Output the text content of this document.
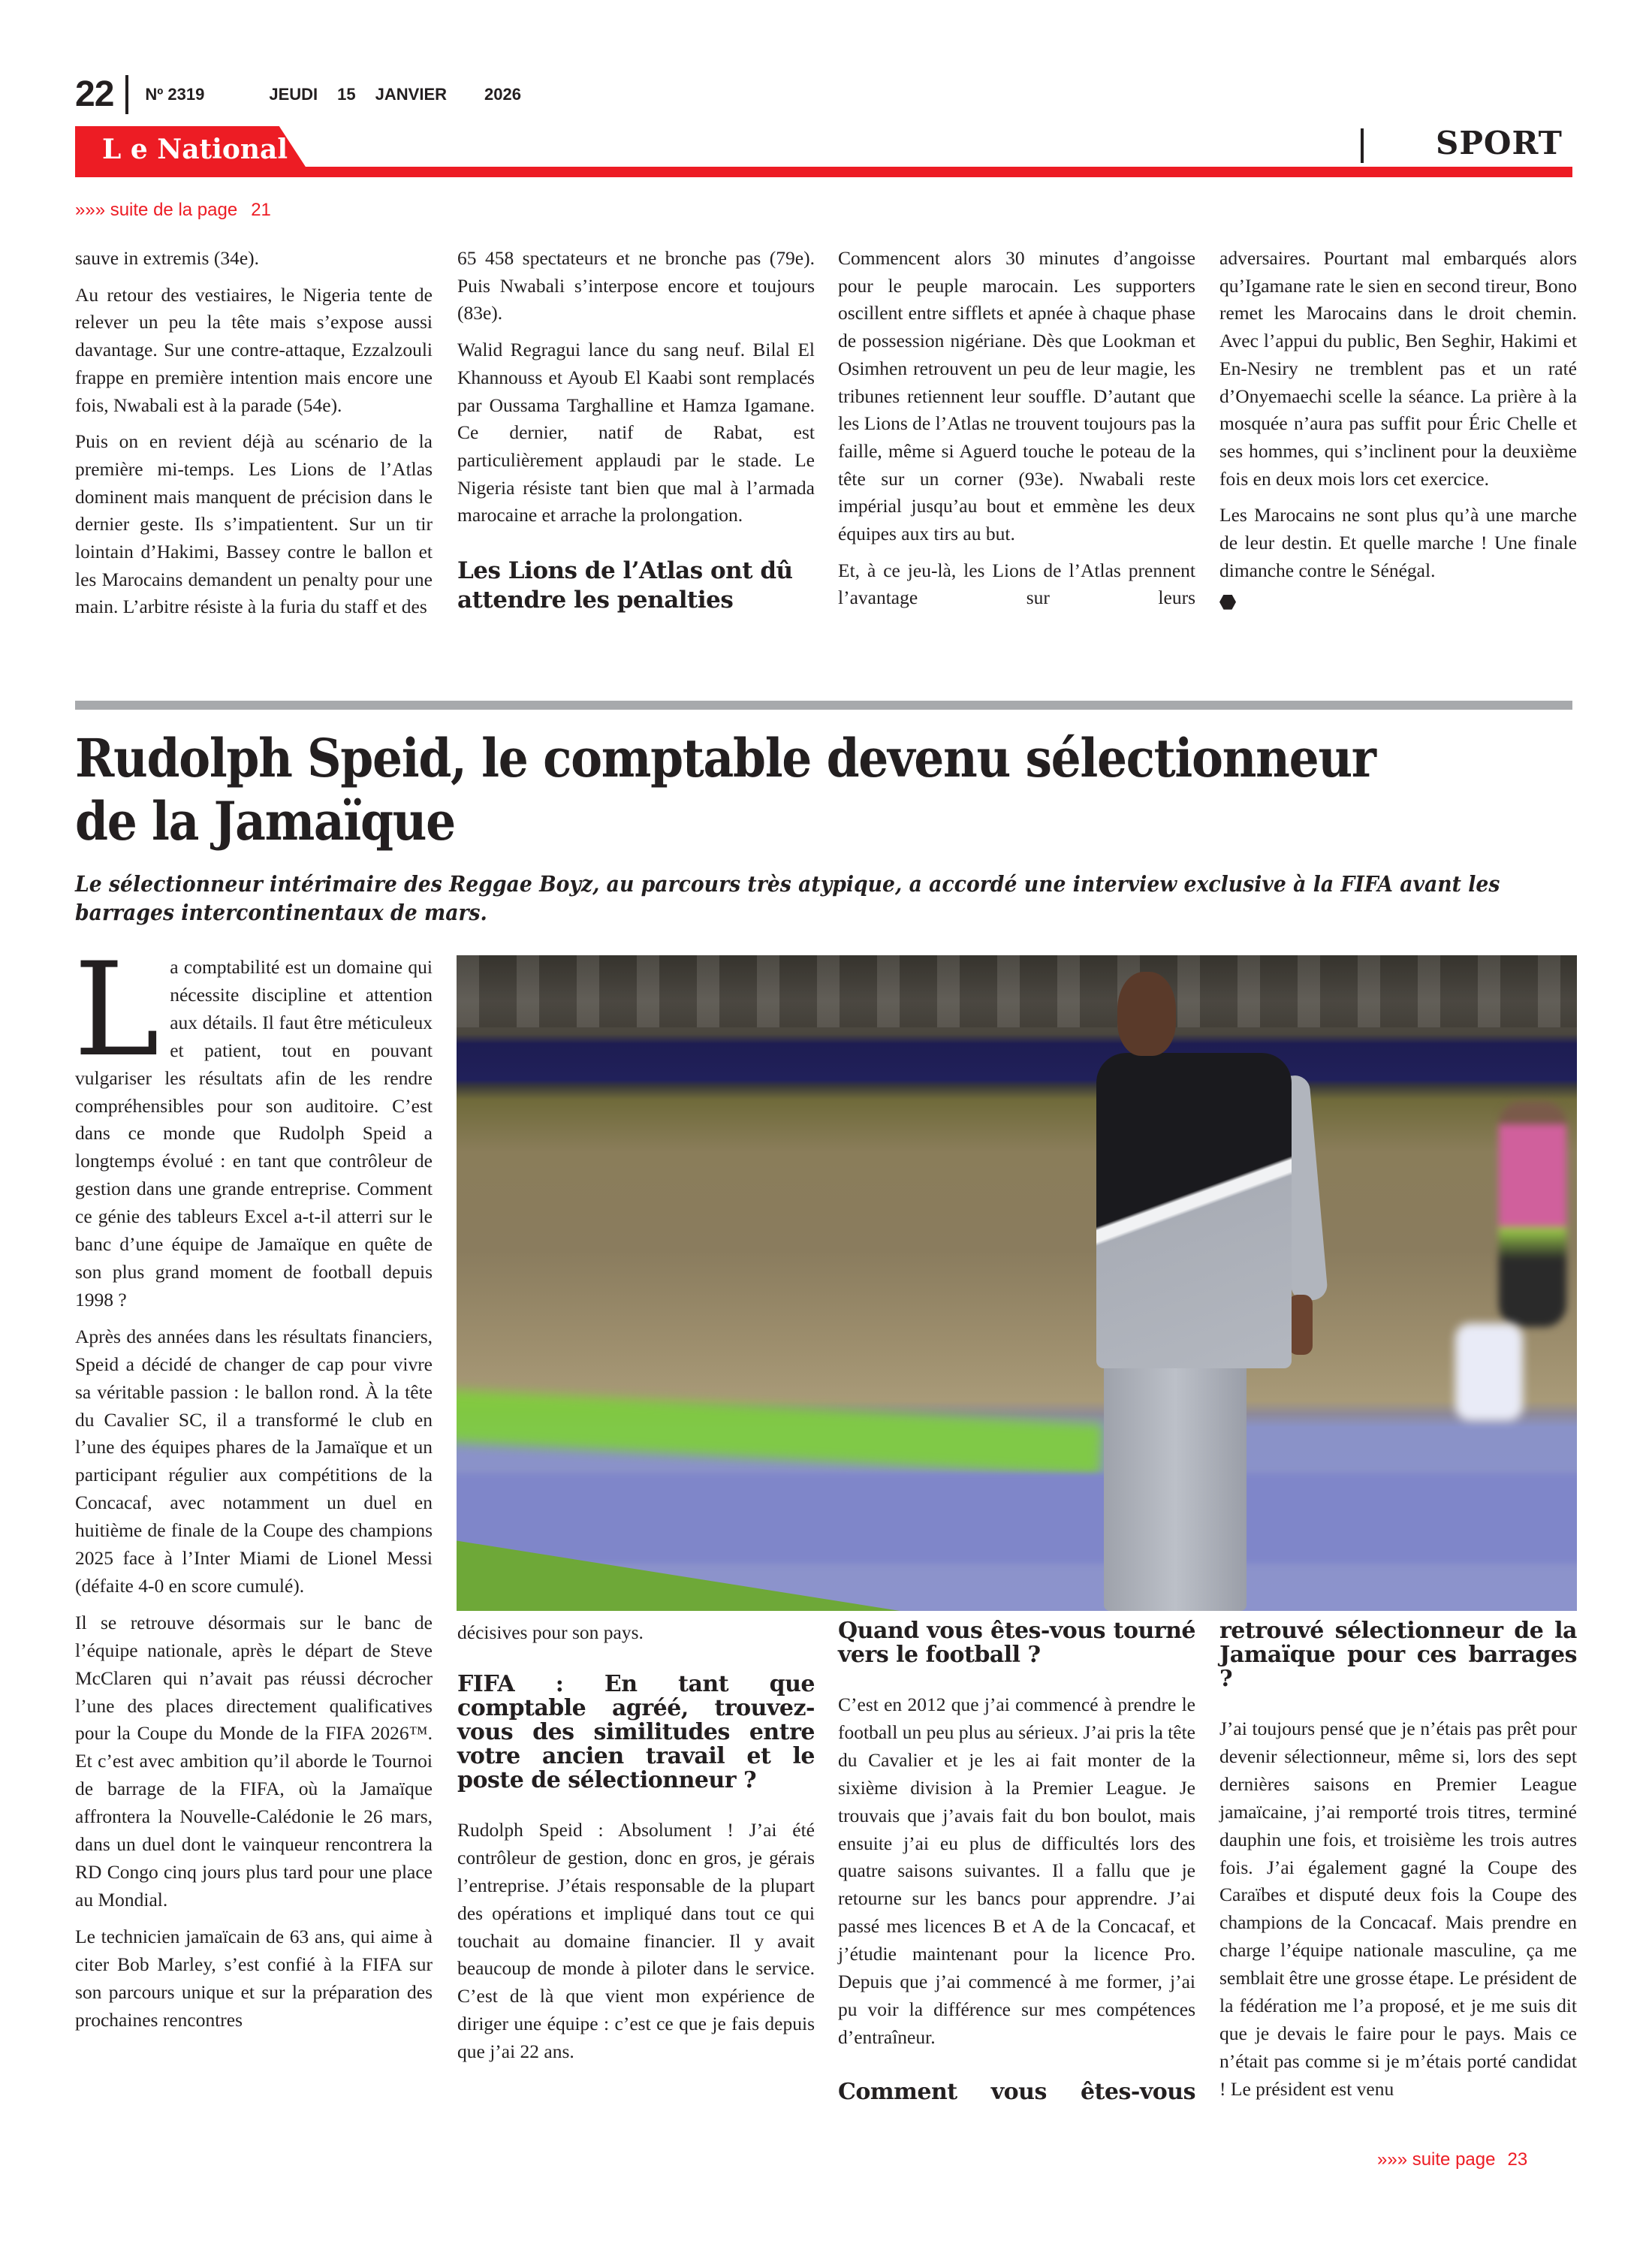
22 Nº 2319	JEUDI 15 JANVIER 2026
L e National	SPORT
»»» suite de la page 21

sauve in extremis (34e).

Au retour des vestiaires, le Nigeria tente de relever un peu la tête mais s’expose aussi davantage. Sur une contre-attaque, Ezzalzouli frappe en première intention mais encore une fois, Nwabali est à la parade (54e).

Puis on en revient déjà au scénario de la première mi-temps. Les Lions de l’Atlas dominent mais manquent de précision dans le dernier geste. Ils s’impatientent. Sur un tir lointain d’Hakimi, Bassey contre le ballon et les Marocains demandent un penalty pour une main. L’arbitre résiste à la furia du staff et des

65 458 spectateurs et ne bronche pas (79e). Puis Nwabali s’interpose encore et toujours (83e).

Walid Regragui lance du sang neuf. Bilal El Khannouss et Ayoub El Kaabi sont remplacés par Oussama Targhalline et Hamza Igamane. Ce dernier, natif de Rabat, est particulièrement applaudi par le stade. Le Nigeria résiste tant bien que mal à l’armada marocaine et arrache la prolongation.

Les Lions de l’Atlas ont dû attendre les penalties

Commencent alors 30 minutes d’angoisse pour le peuple marocain. Les supporters oscillent entre sifflets et apnée à chaque phase de possession nigériane. Dès que Lookman et Osimhen retrouvent un peu de leur magie, les tribunes retiennent leur souffle. D’autant que les Lions de l’Atlas ne trouvent toujours pas la faille, même si Aguerd touche le poteau de la tête sur un corner (93e). Nwabali reste impérial jusqu’au bout et emmène les deux équipes aux tirs au but.

Et, à ce jeu-là, les Lions de l’Atlas prennent l’avantage sur leurs

adversaires. Pourtant mal embarqués alors qu’Igamane rate le sien en second tireur, Bono remet les Marocains dans le droit chemin. Avec l’appui du public, Ben Seghir, Hakimi et En-Nesiry ne tremblent pas et un raté d’Onyemaechi scelle la séance. La prière à la mosquée n’aura pas suffit pour Éric Chelle et ses hommes, qui s’inclinent pour la deuxième fois en deux mois lors cet exercice.

Les Marocains ne sont plus qu’à une marche de leur destin. Et quelle marche ! Une finale dimanche contre le Sénégal.

Rudolph Speid, le comptable devenu sélectionneur de la Jamaïque

Le sélectionneur intérimaire des Reggae Boyz, au parcours très atypique, a accordé une interview exclusive à la FIFA avant les barrages intercontinentaux de mars.

La comptabilité est un domaine qui nécessite discipline et attention aux détails. Il faut être méticuleux et patient, tout en pouvant vulgariser les résultats afin de les rendre compréhensibles pour son auditoire. C’est dans ce monde que Rudolph Speid a longtemps évolué : en tant que contrôleur de gestion dans une grande entreprise. Comment ce génie des tableurs Excel a-t-il atterri sur le banc d’une équipe de Jamaïque en quête de son plus grand moment de football depuis 1998 ?

Après des années dans les résultats financiers, Speid a décidé de changer de cap pour vivre sa véritable passion : le ballon rond. À la tête du Cavalier SC, il a transformé le club en l’une des équipes phares de la Jamaïque et un participant régulier aux compétitions de la Concacaf, avec notamment un duel en huitième de finale de la Coupe des champions 2025 face à l’Inter Miami de Lionel Messi (défaite 4-0 en score cumulé).

Il se retrouve désormais sur le banc de l’équipe nationale, après le départ de Steve McClaren qui n’avait pas réussi décrocher l’une des places directement qualificatives pour la Coupe du Monde de la FIFA 2026™. Et c’est avec ambition qu’il aborde le Tournoi de barrage de la FIFA, où la Jamaïque affrontera la Nouvelle-Calédonie le 26 mars, dans un duel dont le vainqueur rencontrera la RD Congo cinq jours plus tard pour une place au Mondial.

Le technicien jamaïcain de 63 ans, qui aime à citer Bob Marley, s’est confié à la FIFA sur son parcours unique et sur la préparation des prochaines rencontres

décisives pour son pays.

FIFA : En tant que comptable agréé, trouvez-vous des similitudes entre votre ancien travail et le poste de sélectionneur ?

Rudolph Speid : Absolument ! J’ai été contrôleur de gestion, donc en gros, je gérais l’entreprise. J’étais responsable de la plupart des opérations et impliqué dans tout ce qui touchait au domaine financier. Il y avait beaucoup de monde à piloter dans le service. C’est de là que vient mon expérience de diriger une équipe : c’est ce que je fais depuis que j’ai 22 ans.

Quand vous êtes-vous tourné vers le football ?

C’est en 2012 que j’ai commencé à prendre le football un peu plus au sérieux. J’ai pris la tête du Cavalier et je les ai fait monter de la sixième division à la Premier League. Je trouvais que j’avais fait du bon boulot, mais ensuite j’ai eu plus de difficultés lors des quatre saisons suivantes. Il a fallu que je retourne sur les bancs pour apprendre. J’ai passé mes licences B et A de la Concacaf, et j’étudie maintenant pour la licence Pro. Depuis que j’ai commencé à me former, j’ai pu voir la différence sur mes compétences d’entraîneur.

Comment vous êtes-vous
retrouvé sélectionneur de la Jamaïque pour ces barrages ?

J’ai toujours pensé que je n’étais pas prêt pour devenir sélectionneur, même si, lors des sept dernières saisons en Premier League jamaïcaine, j’ai remporté trois titres, terminé dauphin une fois, et troisième les trois autres fois. J’ai également gagné la Coupe des Caraïbes et disputé deux fois la Coupe des champions de la Concacaf. Mais prendre en charge l’équipe nationale masculine, ça me semblait être une grosse étape. Le président de la fédération me l’a proposé, et je me suis dit que je devais le faire pour le pays. Mais ce n’était pas comme si je m’étais porté candidat ! Le président est venu

»»» suite page 23
